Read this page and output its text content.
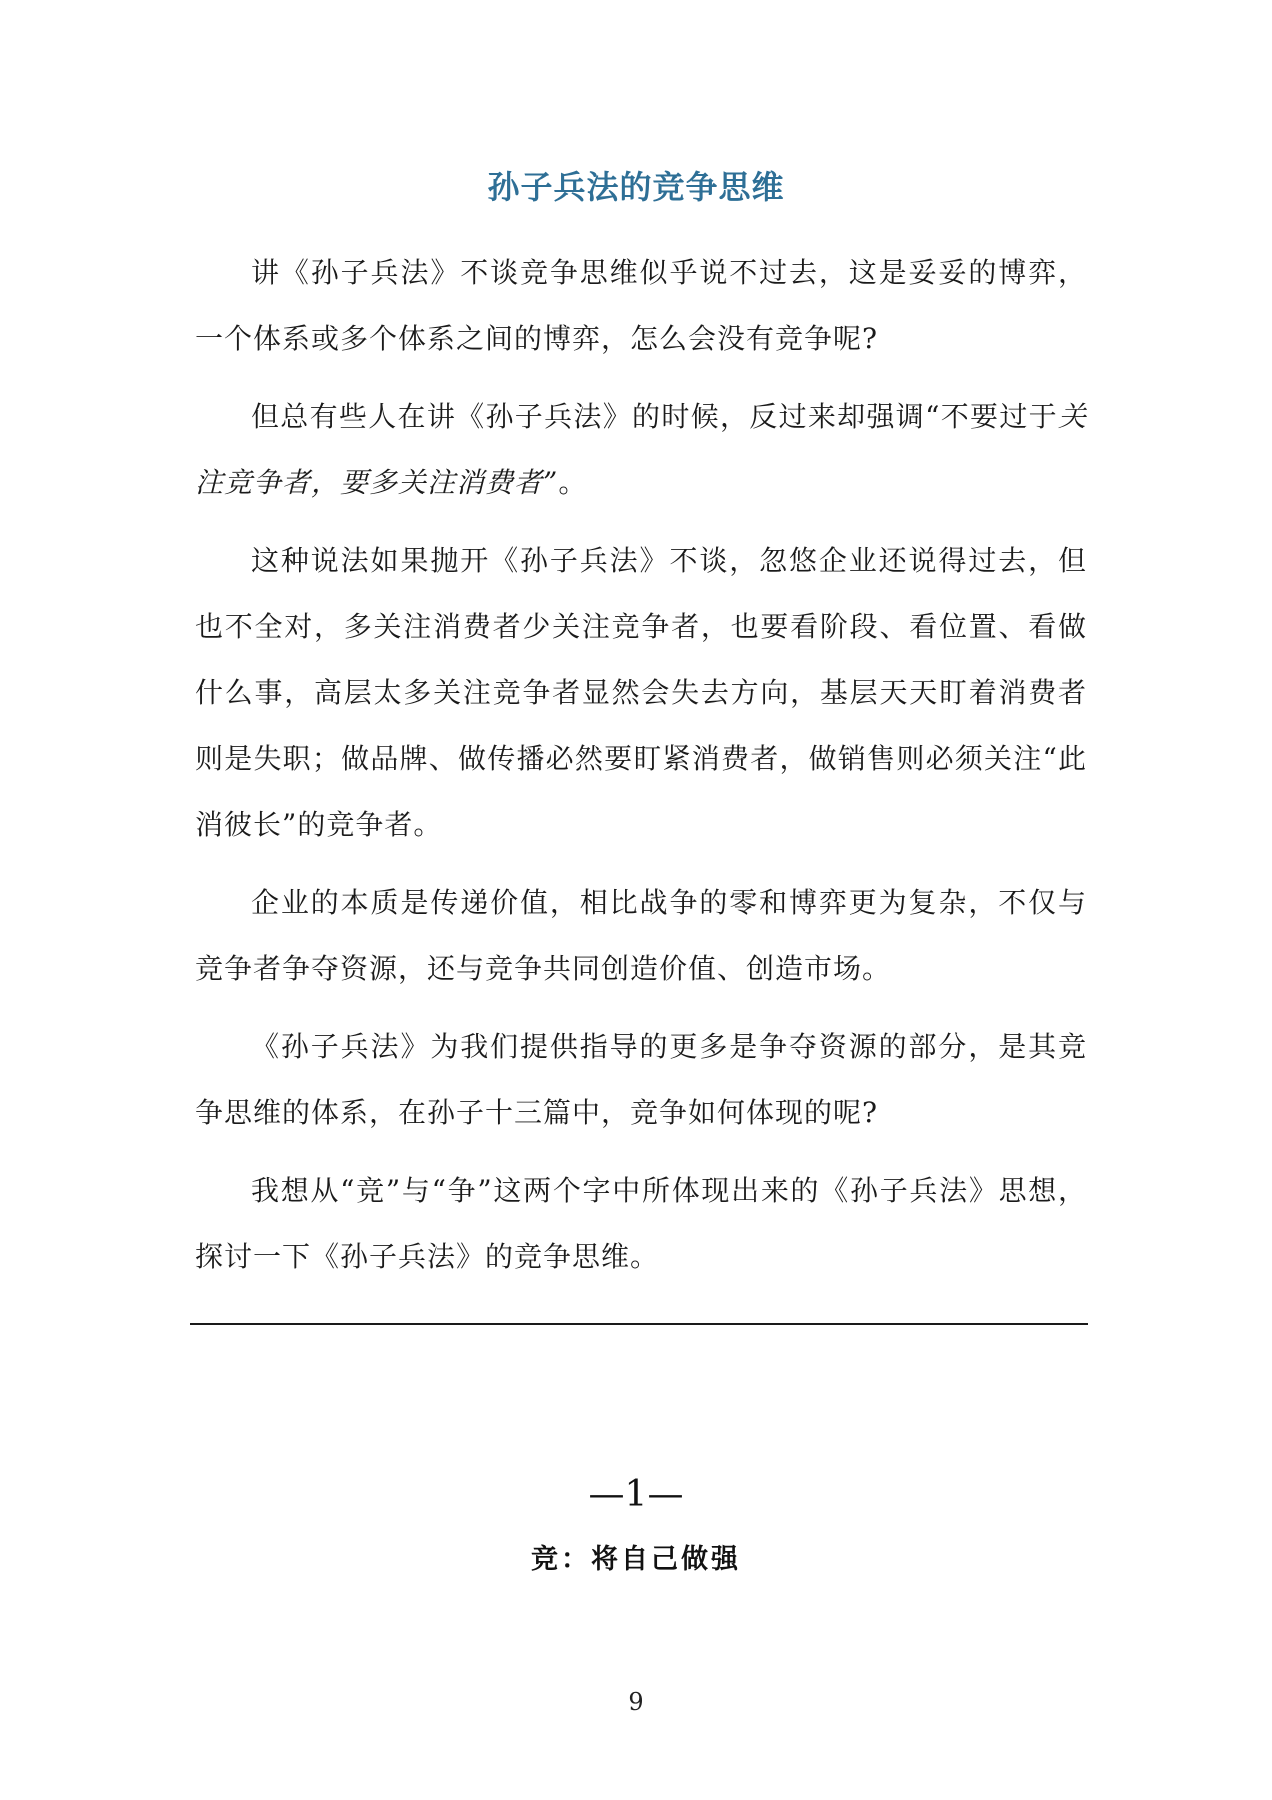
孙子兵法的竞争思维

讲《孙子兵法》不谈竞争思维似乎说不过去，这是妥妥的博弈，一个体系或多个体系之间的博弈，怎么会没有竞争呢?

但总有些人在讲《孙子兵法》的时候，反过来却强调“不要过于关注竞争者，要多关注消费者”。

这种说法如果抛开《孙子兵法》不谈，忽悠企业还说得过去，但也不全对，多关注消费者少关注竞争者，也要看阶段、看位置、看做什么事，高层太多关注竞争者显然会失去方向，基层天天盯着消费者则是失职；做品牌、做传播必然要盯紧消费者，做销售则必须关注“此消彼长”的竞争者。

企业的本质是传递价值，相比战争的零和博弈更为复杂，不仅与竞争者争夺资源，还与竞争共同创造价值、创造市场。

《孙子兵法》为我们提供指导的更多是争夺资源的部分，是其竞争思维的体系，在孙子十三篇中，竞争如何体现的呢?

我想从“竞”与“争”这两个字中所体现出来的《孙子兵法》思想，探讨一下《孙子兵法》的竞争思维。

—1—
竞：将自己做强
9
